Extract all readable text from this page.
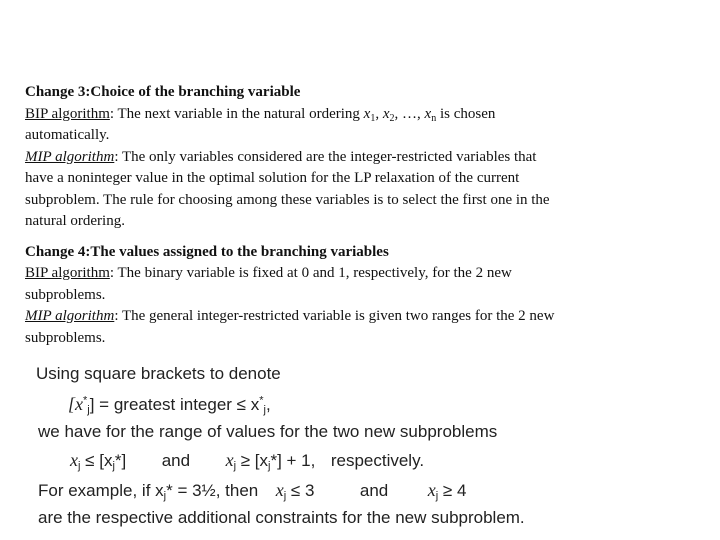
Change 3:Choice of the branching variable
BIP algorithm: The next variable in the natural ordering $x_1$, $x_2$, …, $x_n$ is chosen
automatically.
MIP algorithm: The only variables considered are the integer-restricted variables that
have a noninteger value in the optimal solution for the LP relaxation of the current
subproblem. The rule for choosing among these variables is to select the first one in the
natural ordering.
Change 4:The values assigned to the branching variables
BIP algorithm: The binary variable is fixed at 0 and 1, respectively, for the 2 new
subproblems.
MIP algorithm: The general integer-restricted variable is given two ranges for the 2 new
subproblems.
Using square brackets to denote
$[x^*_j]$ = greatest integer ≤ $x^*_j$,
we have for the range of values for the two new subproblems
$x_j \le [x_j*]$ and $x_j \ge [x_j*] + 1$, respectively.
For example, if $x_j*$ = 3½, then $x_j \le 3$	and $x_j \ge 4$
are the respective additional constraints for the new subproblem.
